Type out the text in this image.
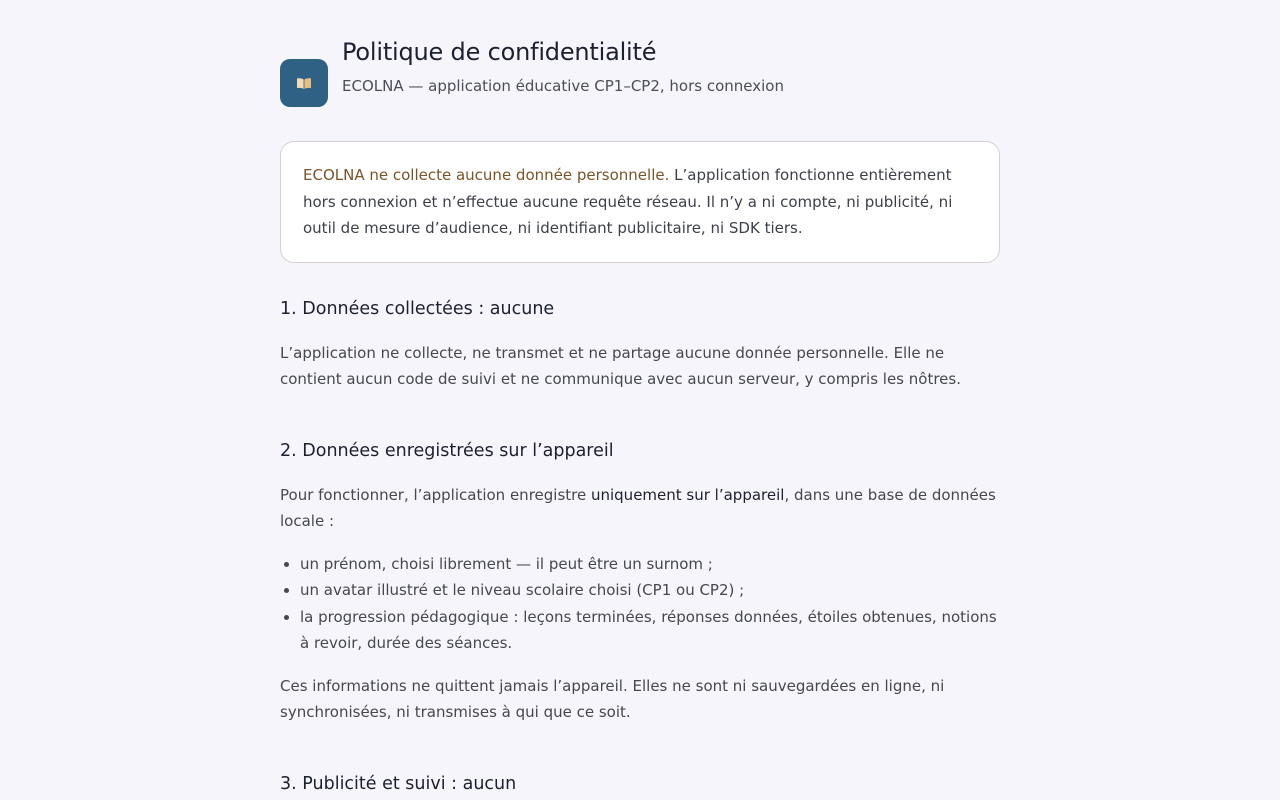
Politique de confidentialité
ECOLNA — application éducative CP1–CP2, hors connexion
ECOLNA ne collecte aucune donnée personnelle. L’application fonctionne entièrement hors connexion et n’effectue aucune requête réseau. Il n’y a ni compte, ni publicité, ni outil de mesure d’audience, ni identifiant publicitaire, ni SDK tiers.
1. Données collectées : aucune

L’application ne collecte, ne transmet et ne partage aucune donnée personnelle. Elle ne contient aucun code de suivi et ne communique avec aucun serveur, y compris les nôtres.

2. Données enregistrées sur l’appareil

Pour fonctionner, l’application enregistre uniquement sur l’appareil, dans une base de données locale :

• un prénom, choisi librement — il peut être un surnom ;
• un avatar illustré et le niveau scolaire choisi (CP1 ou CP2) ;
• la progression pédagogique : leçons terminées, réponses données, étoiles obtenues, notions à revoir, durée des séances.

Ces informations ne quittent jamais l’appareil. Elles ne sont ni sauvegardées en ligne, ni synchronisées, ni transmises à qui que ce soit.

3. Publicité et suivi : aucun
